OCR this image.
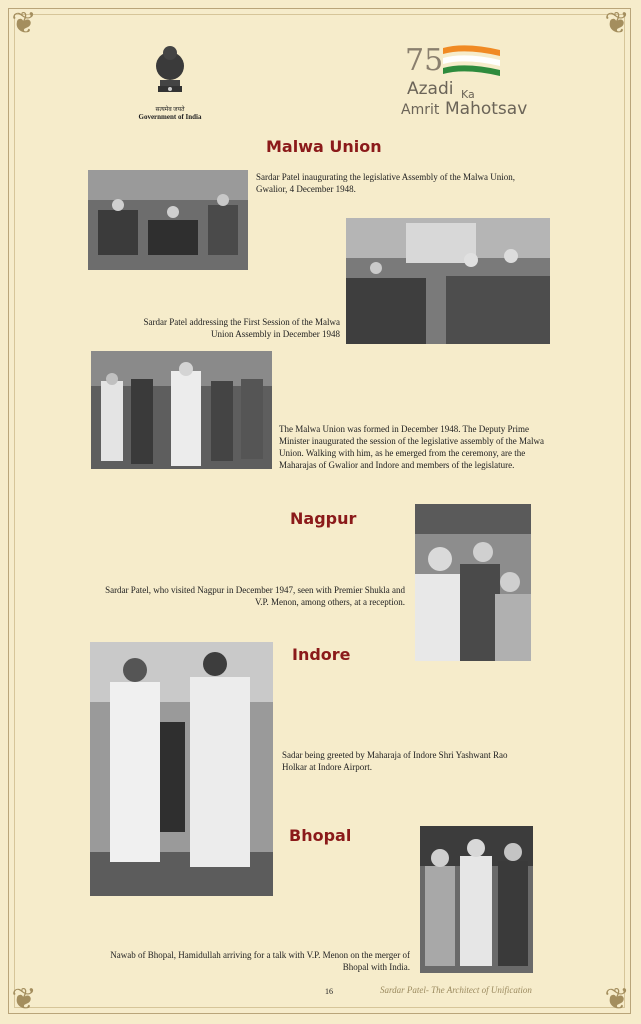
❦	❦
❦	❦
सत्यमेव जयते
Government of India
75
Azadi Ka
Amrit Mahotsav
Malwa Union
Sardar Patel inaugurating the legislative Assembly of the Malwa Union, Gwalior, 4 December 1948.
Sardar Patel addressing the First Session of the Malwa Union Assembly in December 1948
The Malwa Union was formed in December 1948. The Deputy Prime Minister inaugurated the session of the legislative assembly of the Malwa Union. Walking with him, as he emerged from the ceremony, are the Maharajas of Gwalior and Indore and members of the legislature.
Nagpur
Sardar Patel, who visited Nagpur in December 1947, seen with Premier Shukla and V.P. Menon, among others, at a reception.
Indore
Sadar being greeted by Maharaja of Indore Shri Yashwant Rao Holkar at Indore Airport.
Bhopal
Nawab of Bhopal, Hamidullah arriving for a talk with V.P. Menon on the merger of Bhopal with India.
16	Sardar Patel- The Architect of Unification
